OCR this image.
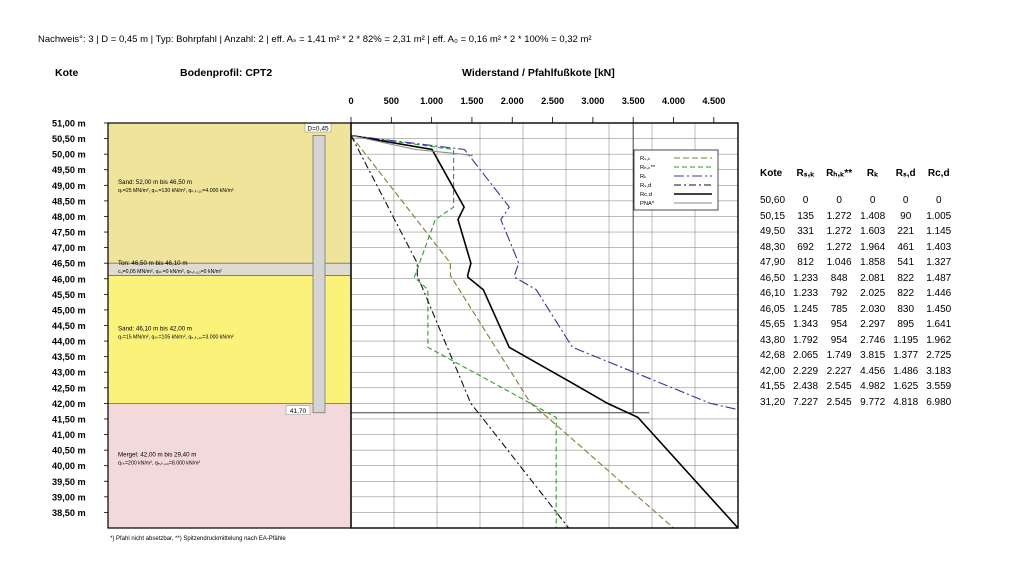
Nachweis°: 3 | D = 0,45 m | Typ: Bohrpfahl | Anzahl: 2 | eff. Aₛ = 1,41 m² * 2 * 82% = 2,31 m² | eff. A₀ = 0,16 m² * 2 * 100% = 0,32 m²
Kote	Bodenprofil: CPT2	Widerstand / Pfahlfußkote [kN]
Sand: 52,00 m bis 46,50 m
qₛ=25 MN/m², qₛₖ=130 kN/m², qₕ,ₖ,₁₀=4.000 kN/m²
Ton: 46,50 m bis 46,10 m
cᵤ=0,05 MN/m², qₛₖ=0 kN/m², qₕ,ₖ,₁₀=0 kN/m²
Sand: 46,10 m bis 42,00 m
qₛ=15 MN/m², qₛₖ=105 kN/m², qₕ,ₖ,₁₀=3.000 kN/m²
Mergel: 42,00 m bis 29,40 m
qₛₖ=200 kN/m², qₕ,ₖ,₁₀=8.000 kN/m²
D=0,45
41,70
51,00 m
50,50 m
50,00 m
49,50 m
49,00 m
48,50 m
48,00 m
47,50 m
47,00 m
46,50 m
46,00 m
45,50 m
45,00 m
44,50 m
44,00 m
43,50 m
43,00 m
42,50 m
42,00 m
41,50 m
41,00 m
40,50 m
40,00 m
39,50 m
39,00 m
38,50 m
0	500 1.000 1.500 2.000 2.500 3.000 3.500 4.000 4.500
Rₛ,ₖ
Rₕ,ₖ**
Rₖ
Rₛ,d
Rc,d
PNA*
Kote	Rₛ,ₖ	Rₕ,ₖ**	Rₖ	Rₛ,d	Rc,d
50,60	0	0	0	0	0
50,15	135	1.272	1.408	90	1.005
49,50	331	1.272	1.603	221	1.145
48,30	692	1.272	1.964	461	1.403
47,90	812	1.046	1.858	541	1.327
46,50	1.233	848	2.081	822	1.487
46,10	1.233	792	2.025	822	1.446
46,05	1.245	785	2.030	830	1.450
45,65	1.343	954	2.297	895	1.641
43,80	1.792	954	2.746	1.195	1.962
42,68	2.065	1.749	3.815	1.377	2.725
42,00	2.229	2.227	4.456	1.486	3.183
41,55	2.438	2.545	4.982	1.625	3.559
31,20	7.227	2.545	9.772	4.818	6.980
*) Pfahl nicht absetzbar, **) Spitzendruckmittelung nach EA-Pfähle
